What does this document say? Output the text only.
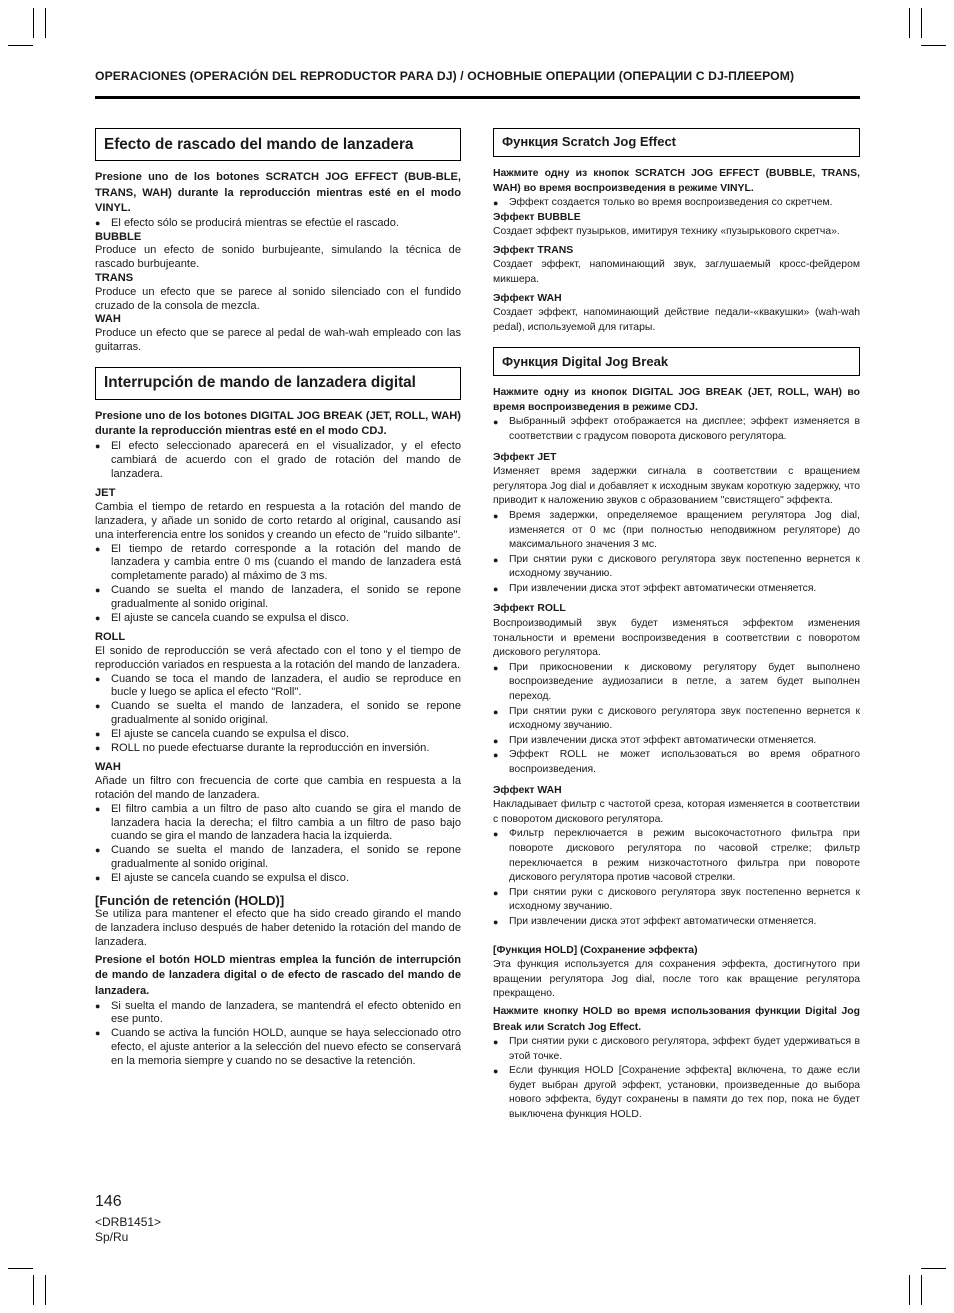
OPERACIONES (OPERACIÓN DEL REPRODUCTOR PARA DJ) / ОСНОВНЫЕ ОПЕРАЦИИ (ОПЕРАЦИИ С DJ-ПЛЕЕРОМ)
Efecto de rascado del mando de lanzadera

Presione uno de los botones SCRATCH JOG EFFECT (BUB-BLE, TRANS, WAH) durante la reproducción mientras esté en el modo VINYL.

● El efecto sólo se producirá mientras se efectúe el rascado.
BUBBLE

Produce un efecto de sonido burbujeante, simulando la técnica de rascado burbujeante.

TRANS

Produce un efecto que se parece al sonido silenciado con el fundido cruzado de la consola de mezcla.

WAH

Produce un efecto que se parece al pedal de wah-wah empleado con las guitarras.

Interrupción de mando de lanzadera digital

Presione uno de los botones DIGITAL JOG BREAK (JET, ROLL, WAH) durante la reproducción mientras esté en el modo CDJ.

● El efecto seleccionado aparecerá en el visualizador, y el efecto cambiará de acuerdo con el grado de rotación del mando de lanzadera.
JET

Cambia el tiempo de retardo en respuesta a la rotación del mando de lanzadera, y añade un sonido de corto retardo al original, causando así una interferencia entre los sonidos y creando un efecto de "ruido silbante".

● El tiempo de retardo corresponde a la rotación del mando de lanzadera y cambia entre 0 ms (cuando el mando de lanzadera está completamente parado) al máximo de 3 ms.
● Cuando se suelta el mando de lanzadera, el sonido se repone gradualmente al sonido original.
● El ajuste se cancela cuando se expulsa el disco.
ROLL

El sonido de reproducción se verá afectado con el tono y el tiempo de reproducción variados en respuesta a la rotación del mando de lanzadera.

● Cuando se toca el mando de lanzadera, el audio se reproduce en bucle y luego se aplica el efecto "Roll".
● Cuando se suelta el mando de lanzadera, el sonido se repone gradualmente al sonido original.
● El ajuste se cancela cuando se expulsa el disco.
● ROLL no puede efectuarse durante la reproducción en inversión.
WAH

Añade un filtro con frecuencia de corte que cambia en respuesta a la rotación del mando de lanzadera.

● El filtro cambia a un filtro de paso alto cuando se gira el mando de lanzadera hacia la derecha; el filtro cambia a un filtro de paso bajo cuando se gira el mando de lanzadera hacia la izquierda.
● Cuando se suelta el mando de lanzadera, el sonido se repone gradualmente al sonido original.
● El ajuste se cancela cuando se expulsa el disco.
[Función de retención (HOLD)]

Se utiliza para mantener el efecto que ha sido creado girando el mando de lanzadera incluso después de haber detenido la rotación del mando de lanzadera.

Presione el botón HOLD mientras emplea la función de interrupción de mando de lanzadera digital o de efecto de rascado del mando de lanzadera.

● Si suelta el mando de lanzadera, se mantendrá el efecto obtenido en ese punto.
● Cuando se activa la función HOLD, aunque se haya seleccionado otro efecto, el ajuste anterior a la selección del nuevo efecto se conservará en la memoria siempre y cuando no se desactive la retención.
Функция Scratch Jog Effect

Нажмите одну из кнопок SCRATCH JOG EFFECT (BUBBLE, TRANS, WAH) во время воспроизведения в режиме VINYL.

● Эффект создается только во время воспроизведения со скретчем.
Эффект BUBBLE

Создает эффект пузырьков, имитируя технику «пузырькового скретча».

Эффект TRANS

Создает эффект, напоминающий звук, заглушаемый кросс-фейдером микшера.

Эффект WAH

Создает эффект, напоминающий действие педали-«квакушки» (wah-wah pedal), используемой для гитары.

Функция Digital Jog Break

Нажмите одну из кнопок DIGITAL JOG BREAK (JET, ROLL, WAH) во время воспроизведения в режиме CDJ.

● Выбранный эффект отображается на дисплее; эффект изменяется в соответствии с градусом поворота дискового регулятора.
Эффект JET

Изменяет время задержки сигнала в соответствии с вращением регулятора Jog dial и добавляет к исходным звукам короткую задержку, что приводит к наложению звуков с образованием "свистящего" эффекта.

● Время задержки, определяемое вращением регулятора Jog dial, изменяется от 0 мс (при полностью неподвижном регуляторе) до максимального значения 3 мс.
● При снятии руки с дискового регулятора звук постепенно вернется к исходному звучанию.
● При извлечении диска этот эффект автоматически отменяется.
Эффект ROLL

Воспроизводимый звук будет изменяться эффектом изменения тональности и времени воспроизведения в соответствии с поворотом дискового регулятора.

● При прикосновении к дисковому регулятору будет выполнено воспроизведение аудиозаписи в петле, а затем будет выполнен переход.
● При снятии руки с дискового регулятора звук постепенно вернется к исходному звучанию.
● При извлечении диска этот эффект автоматически отменяется.
● Эффект ROLL не может использоваться во время обратного воспроизведения.
Эффект WAH

Накладывает фильтр с частотой среза, которая изменяется в соответствии с поворотом дискового регулятора.

● Фильтр переключается в режим высокочастотного фильтра при повороте дискового регулятора по часовой стрелке; фильтр переключается в режим низкочастотного фильтра при повороте дискового регулятора против часовой стрелки.
● При снятии руки с дискового регулятора звук постепенно вернется к исходному звучанию.
● При извлечении диска этот эффект автоматически отменяется.
[Функция HOLD] (Сохранение эффекта)

Эта функция используется для сохранения эффекта, достигнутого при вращении регулятора Jog dial, после того как вращение регулятора прекращено.

Нажмите кнопку HOLD во время использования функции Digital Jog Break или Scratch Jog Effect.

● При снятии руки с дискового регулятора, эффект будет удерживаться в этой точке.
● Если функция HOLD [Сохранение эффекта] включена, то даже если будет выбран другой эффект, установки, произведенные до выбора нового эффекта, будут сохранены в памяти до тех пор, пока не будет выключена функция HOLD.
146
<DRB1451>
Sp/Ru
